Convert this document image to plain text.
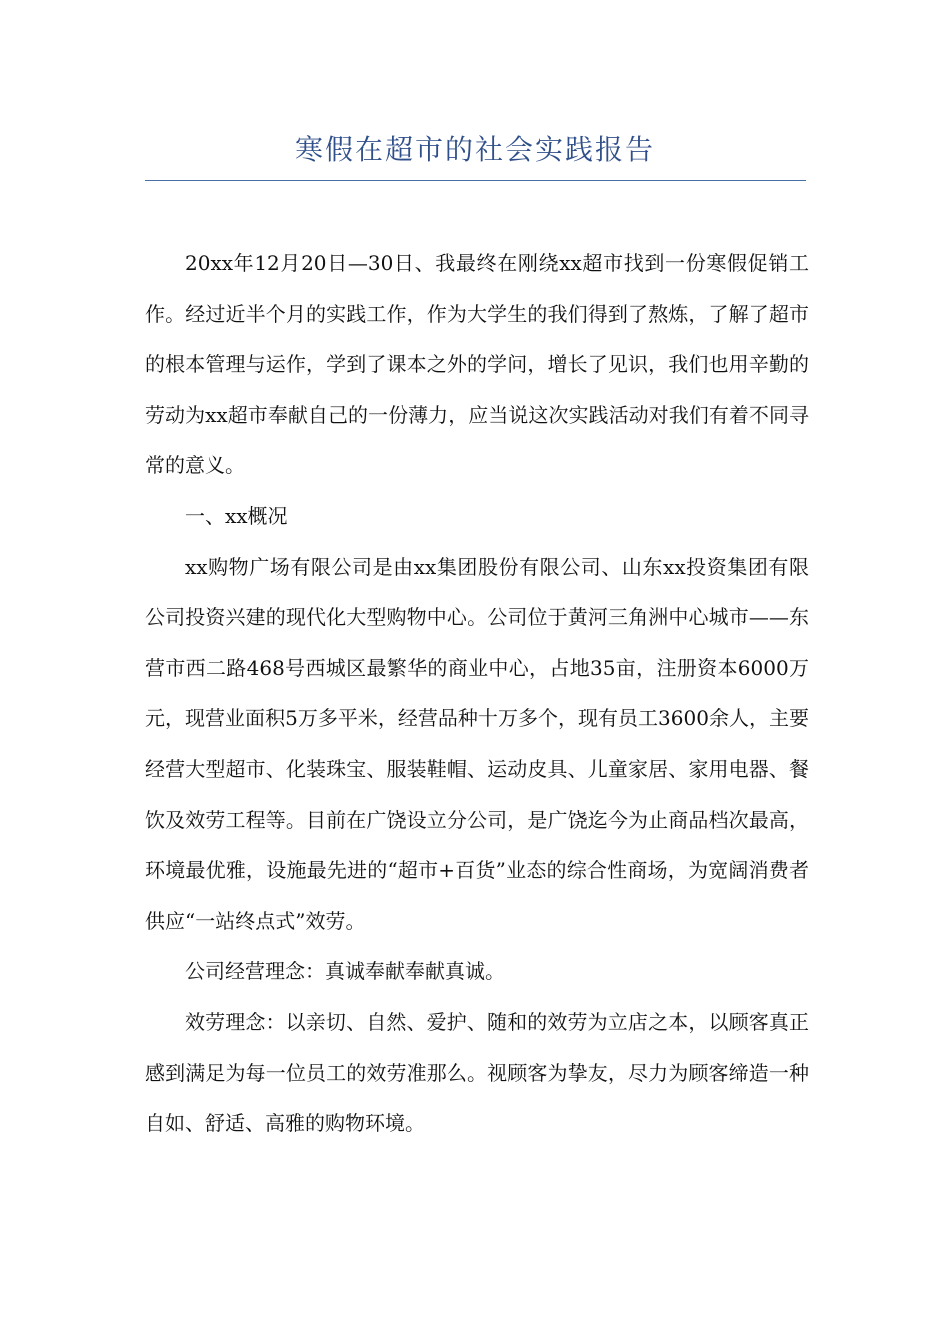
寒假在超市的社会实践报告

20xx年12月20日—30日、我最终在刚绕xx超市找到一份寒假促销工作。经过近半个月的实践工作，作为大学生的我们得到了熬炼，了解了超市的根本管理与运作，学到了课本之外的学问，增长了见识，我们也用辛勤的劳动为xx超市奉献自己的一份薄力，应当说这次实践活动对我们有着不同寻常的意义。

一、xx概况

xx购物广场有限公司是由xx集团股份有限公司、山东xx投资集团有限公司投资兴建的现代化大型购物中心。公司位于黄河三角洲中心城市——东营市西二路468号西城区最繁华的商业中心，占地35亩，注册资本6000万元，现营业面积5万多平米，经营品种十万多个，现有员工3600余人，主要经营大型超市、化装珠宝、服装鞋帽、运动皮具、儿童家居、家用电器、餐饮及效劳工程等。目前在广饶设立分公司，是广饶迄今为止商品档次最高，环境最优雅，设施最先进的“超市+百货”业态的综合性商场，为宽阔消费者供应“一站终点式”效劳。

公司经营理念：真诚奉献奉献真诚。

效劳理念：以亲切、自然、爱护、随和的效劳为立店之本，以顾客真正感到满足为每一位员工的效劳准那么。视顾客为挚友，尽力为顾客缔造一种自如、舒适、高雅的购物环境。
